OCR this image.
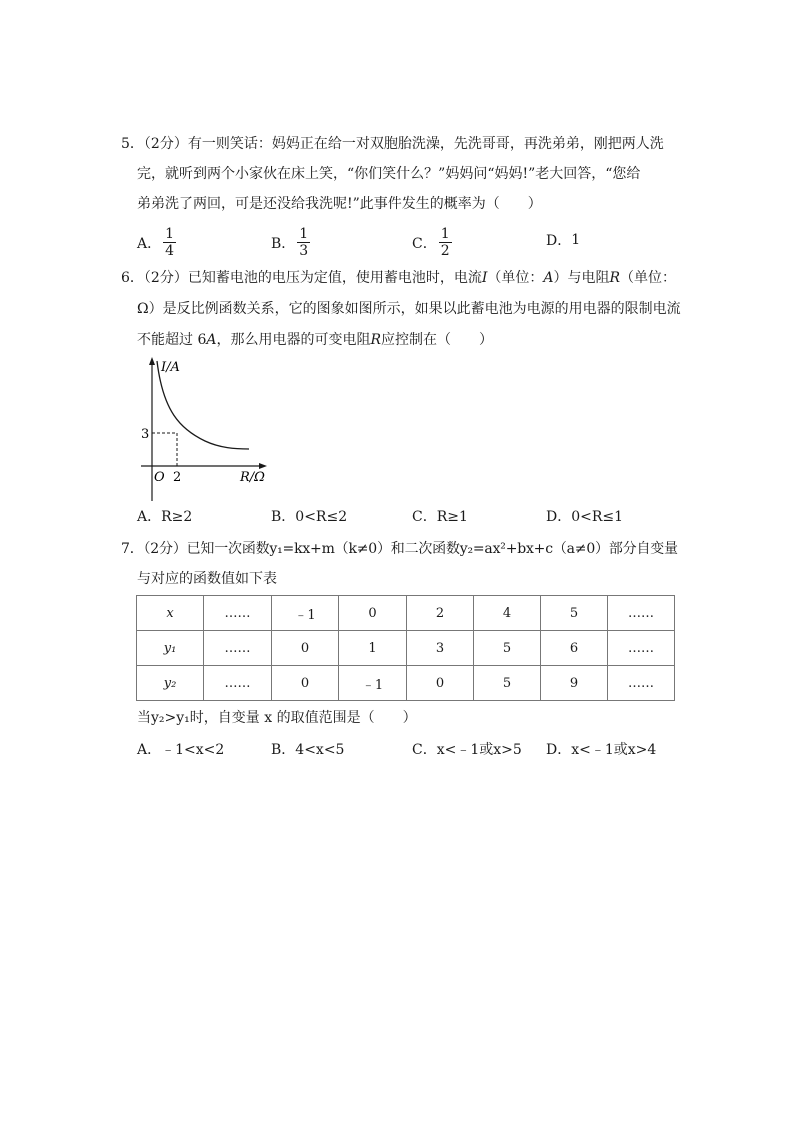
5．（2分）有一则笑话：妈妈正在给一对双胞胎洗澡，先洗哥哥，再洗弟弟，刚把两人洗
完，就听到两个小家伙在床上笑，“你们笑什么？”妈妈问“妈妈!”老大回答，“您给
弟弟洗了两回，可是还没给我洗呢!”此事件发生的概率为（　　）
A． $\frac{1}{4}$	B． $\frac{1}{3}$	C． $\frac{1}{2}$	D．1
6．（2分）已知蓄电池的电压为定值，使用蓄电池时，电流I（单位：A）与电阻R（单位：
Ω）是反比例函数关系，它的图象如图所示，如果以此蓄电池为电源的用电器的限制电流
不能超过 6A，那么用电器的可变电阻R应控制在（　　）
I/A
3
O 2	R/Ω
A．R≥2	B．0<R≤2	C．R≥1	D．0<R≤1
7．（2分）已知一次函数y₁=kx+m（k≠0）和二次函数y₂=ax²+bx+c（a≠0）部分自变量
与对应的函数值如下表
x	……	﹣1	0	2	4	5	……
y₁	……	0	1	3	5	6	……
y₂	……	0	﹣1	0	5	9	……
当y₂>y₁时，自变量 x 的取值范围是（　　）
A．﹣1<x<2	B．4<x<5	C．x<﹣1或x>5 D．x<﹣1或x>4
